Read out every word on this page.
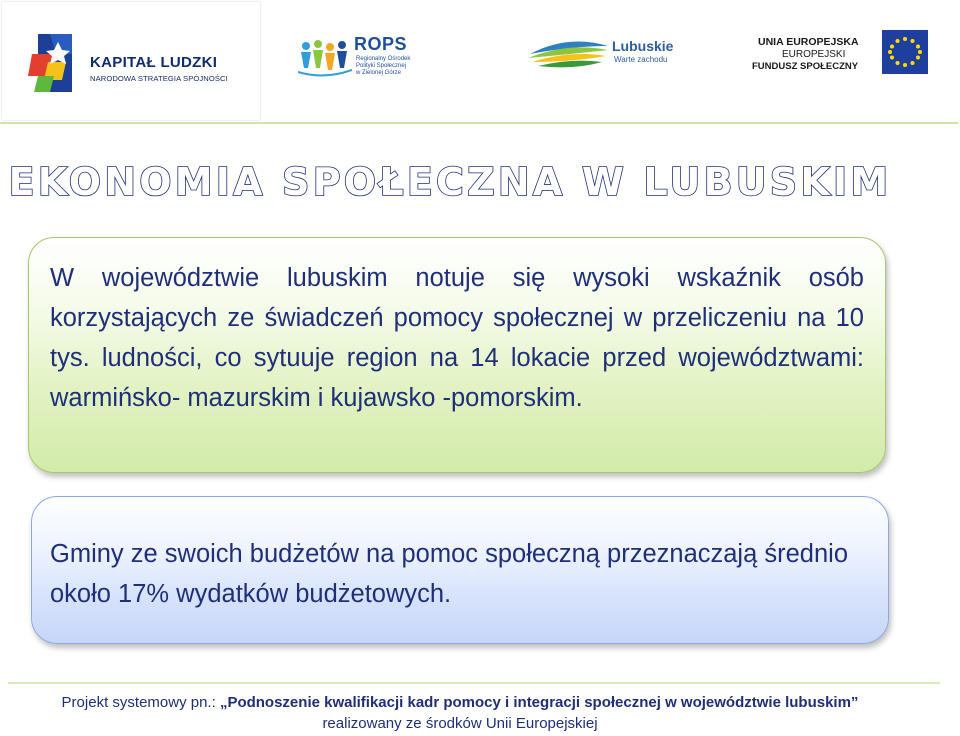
KAPITAŁ LUDZKI
NARODOWA STRATEGIA SPÓJNOŚCI
ROPS
Regionalny Ośrodek
Polityki Społecznej
w Zielonej Górze
Lubuskie
Warte zachodu
UNIA EUROPEJSKA
EUROPEJSKI
FUNDUSZ SPOŁECZNY
EKONOMIA SPOŁECZNA W LUBUSKIM
W województwie lubuskim notuje się wysoki wskaźnik osób korzystających ze świadczeń pomocy społecznej w przeliczeniu na 10 tys. ludności, co sytuuje region na 14 lokacie przed województwami: warmińsko- mazurskim i kujawsko -pomorskim.
Gminy ze swoich budżetów na pomoc społeczną przeznaczają średnio około 17% wydatków budżetowych.
Projekt systemowy pn.: „Podnoszenie kwalifikacji kadr pomocy i integracji społecznej w województwie lubuskim”
realizowany ze środków Unii Europejskiej
